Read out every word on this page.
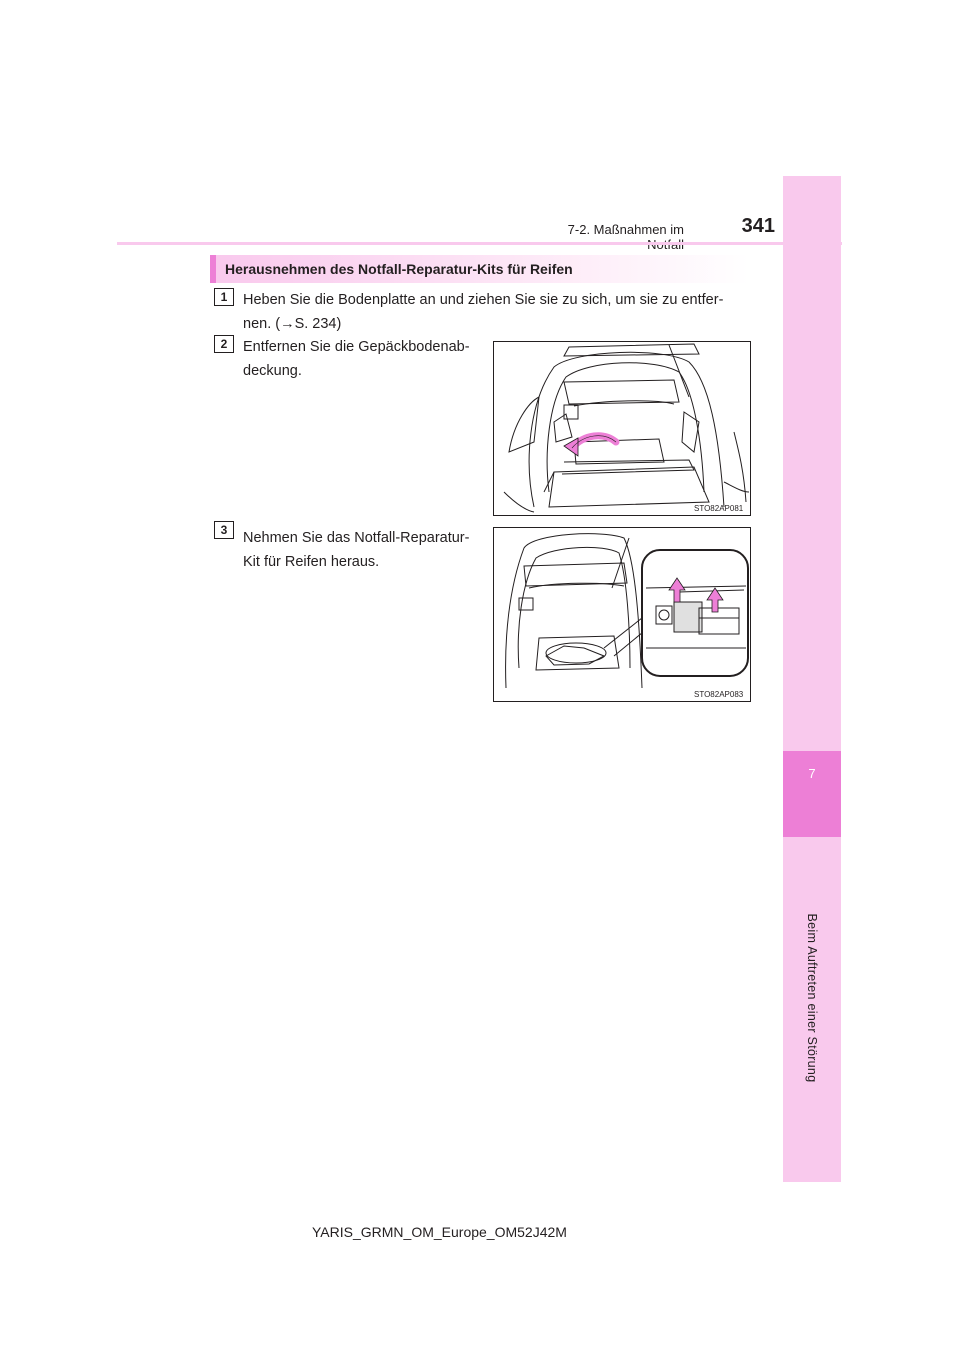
7
Beim Auftreten einer Störung
7-2. Maßnahmen im	341
Herausnehmen des Notfall-Reparatur-Kits für Reifen
1	Heben Sie die Bodenplatte an und ziehen Sie sie zu sich, um sie zu entfer-
nen. (→S. 234)
2	Entfernen Sie die Gepäckbodenab-
deckung.
STO82AP081
3	Nehmen Sie das Notfall-Reparatur-
Kit für Reifen heraus.
STO82AP083
YARIS_GRMN_OM_Europe_OM52J42M
